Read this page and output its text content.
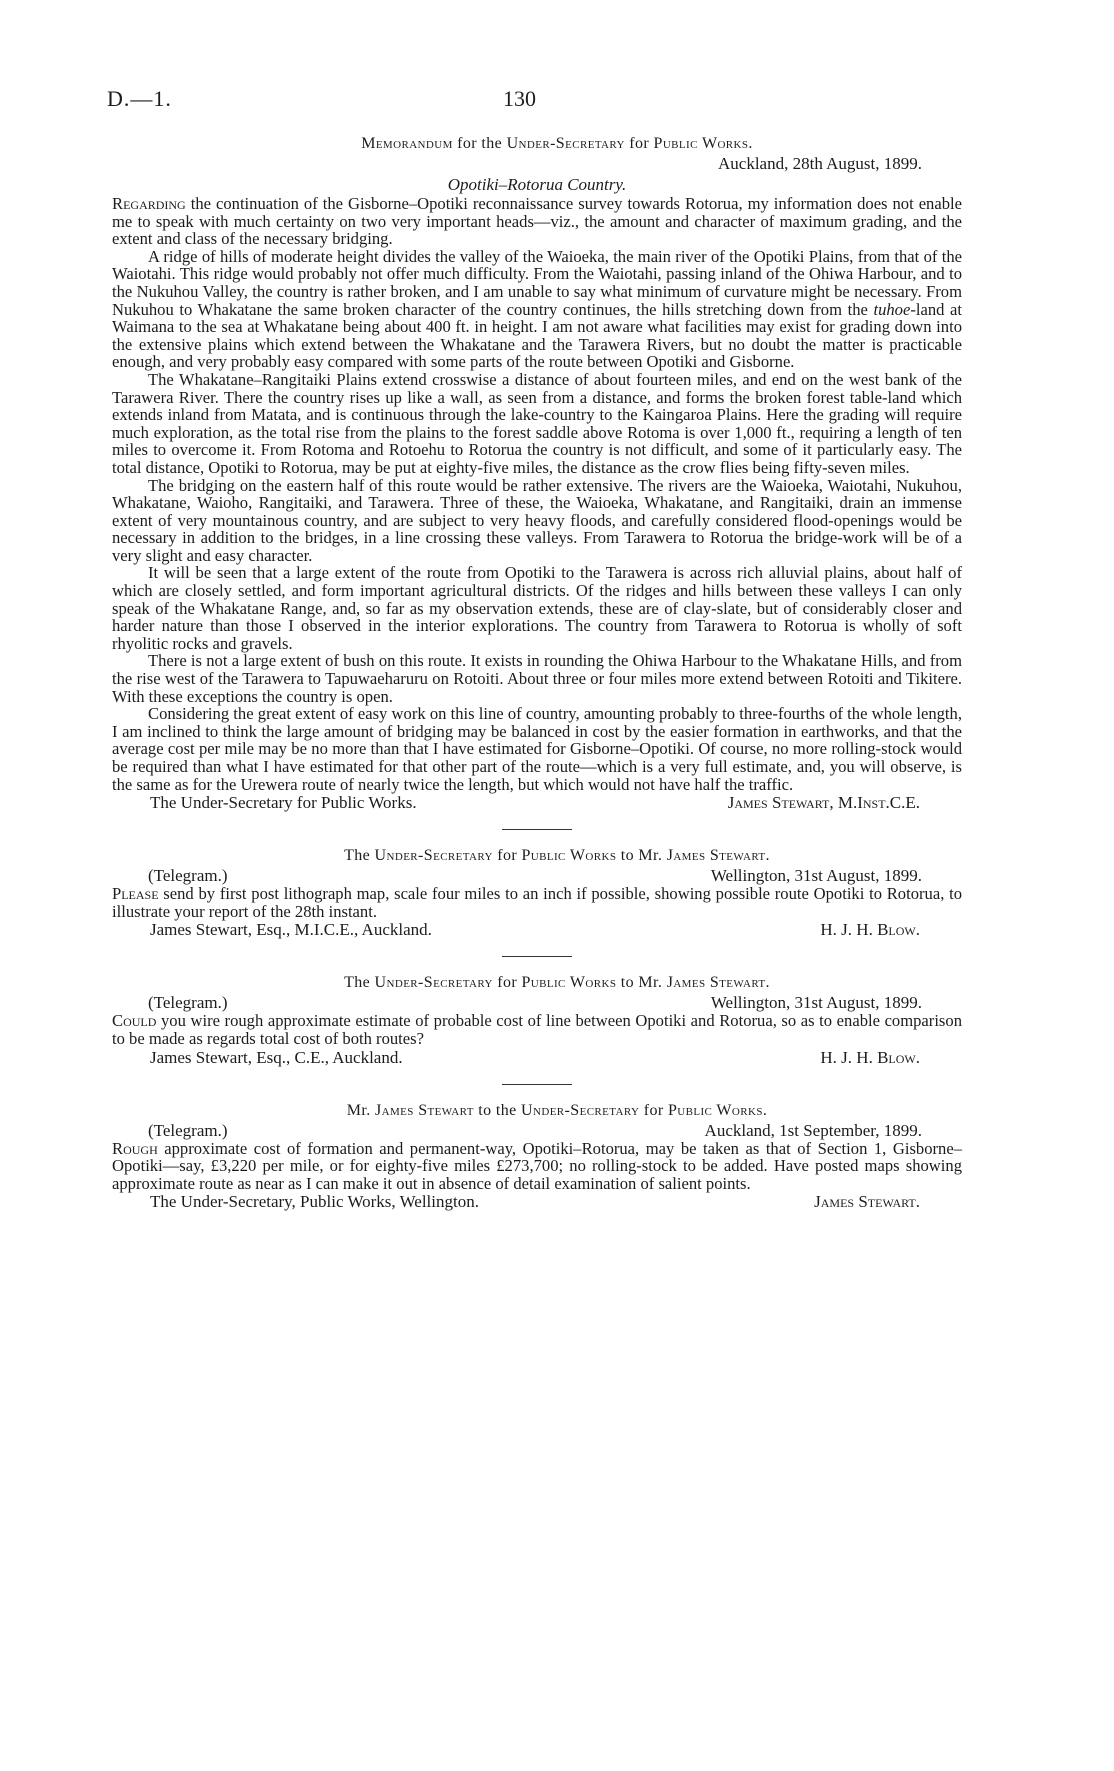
D.—1.	130
Memorandum for the Under-Secretary for Public Works.
Auckland, 28th August, 1899.
Opotiki–Rotorua Country.

Regarding the continuation of the Gisborne–Opotiki reconnaissance survey towards Rotorua, my information does not enable me to speak with much certainty on two very important heads—viz., the amount and character of maximum grading, and the extent and class of the necessary bridging.

A ridge of hills of moderate height divides the valley of the Waioeka, the main river of the Opotiki Plains, from that of the Waiotahi. This ridge would probably not offer much difficulty. From the Waiotahi, passing inland of the Ohiwa Harbour, and to the Nukuhou Valley, the country is rather broken, and I am unable to say what minimum of curvature might be necessary. From Nukuhou to Whakatane the same broken character of the country continues, the hills stretching down from the tuhoe-land at Waimana to the sea at Whakatane being about 400 ft. in height. I am not aware what facilities may exist for grading down into the extensive plains which extend between the Whakatane and the Tarawera Rivers, but no doubt the matter is practicable enough, and very probably easy compared with some parts of the route between Opotiki and Gisborne.

The Whakatane–Rangitaiki Plains extend crosswise a distance of about fourteen miles, and end on the west bank of the Tarawera River. There the country rises up like a wall, as seen from a distance, and forms the broken forest table-land which extends inland from Matata, and is continuous through the lake-country to the Kaingaroa Plains. Here the grading will require much exploration, as the total rise from the plains to the forest saddle above Rotoma is over 1,000 ft., requiring a length of ten miles to overcome it. From Rotoma and Rotoehu to Rotorua the country is not difficult, and some of it particularly easy. The total distance, Opotiki to Rotorua, may be put at eighty-five miles, the distance as the crow flies being fifty-seven miles.

The bridging on the eastern half of this route would be rather extensive. The rivers are the Waioeka, Waiotahi, Nukuhou, Whakatane, Waioho, Rangitaiki, and Tarawera. Three of these, the Waioeka, Whakatane, and Rangitaiki, drain an immense extent of very mountainous country, and are subject to very heavy floods, and carefully considered flood-openings would be necessary in addition to the bridges, in a line crossing these valleys. From Tarawera to Rotorua the bridge-work will be of a very slight and easy character.

It will be seen that a large extent of the route from Opotiki to the Tarawera is across rich alluvial plains, about half of which are closely settled, and form important agricultural districts. Of the ridges and hills between these valleys I can only speak of the Whakatane Range, and, so far as my observation extends, these are of clay-slate, but of considerably closer and harder nature than those I observed in the interior explorations. The country from Tarawera to Rotorua is wholly of soft rhyolitic rocks and gravels.

There is not a large extent of bush on this route. It exists in rounding the Ohiwa Harbour to the Whakatane Hills, and from the rise west of the Tarawera to Tapuwaeharuru on Rotoiti. About three or four miles more extend between Rotoiti and Tikitere. With these exceptions the country is open.

Considering the great extent of easy work on this line of country, amounting probably to three-fourths of the whole length, I am inclined to think the large amount of bridging may be balanced in cost by the easier formation in earthworks, and that the average cost per mile may be no more than that I have estimated for Gisborne–Opotiki. Of course, no more rolling-stock would be required than what I have estimated for that other part of the route—which is a very full estimate, and, you will observe, is the same as for the Urewera route of nearly twice the length, but which would not have half the traffic.

The Under-Secretary for Public Works.	James Stewart, M.Inst.C.E.
The Under-Secretary for Public Works to Mr. James Stewart.
(Telegram.)	Wellington, 31st August, 1899.

Please send by first post lithograph map, scale four miles to an inch if possible, showing possible route Opotiki to Rotorua, to illustrate your report of the 28th instant.

James Stewart, Esq., M.I.C.E., Auckland.	H. J. H. Blow.
The Under-Secretary for Public Works to Mr. James Stewart.
(Telegram.)	Wellington, 31st August, 1899.

Could you wire rough approximate estimate of probable cost of line between Opotiki and Rotorua, so as to enable comparison to be made as regards total cost of both routes?

James Stewart, Esq., C.E., Auckland.	H. J. H. Blow.
Mr. James Stewart to the Under-Secretary for Public Works.
(Telegram.)	Auckland, 1st September, 1899.

Rough approximate cost of formation and permanent-way, Opotiki–Rotorua, may be taken as that of Section 1, Gisborne–Opotiki—say, £3,220 per mile, or for eighty-five miles £273,700; no rolling-stock to be added. Have posted maps showing approximate route as near as I can make it out in absence of detail examination of salient points.

The Under-Secretary, Public Works, Wellington.	James Stewart.
